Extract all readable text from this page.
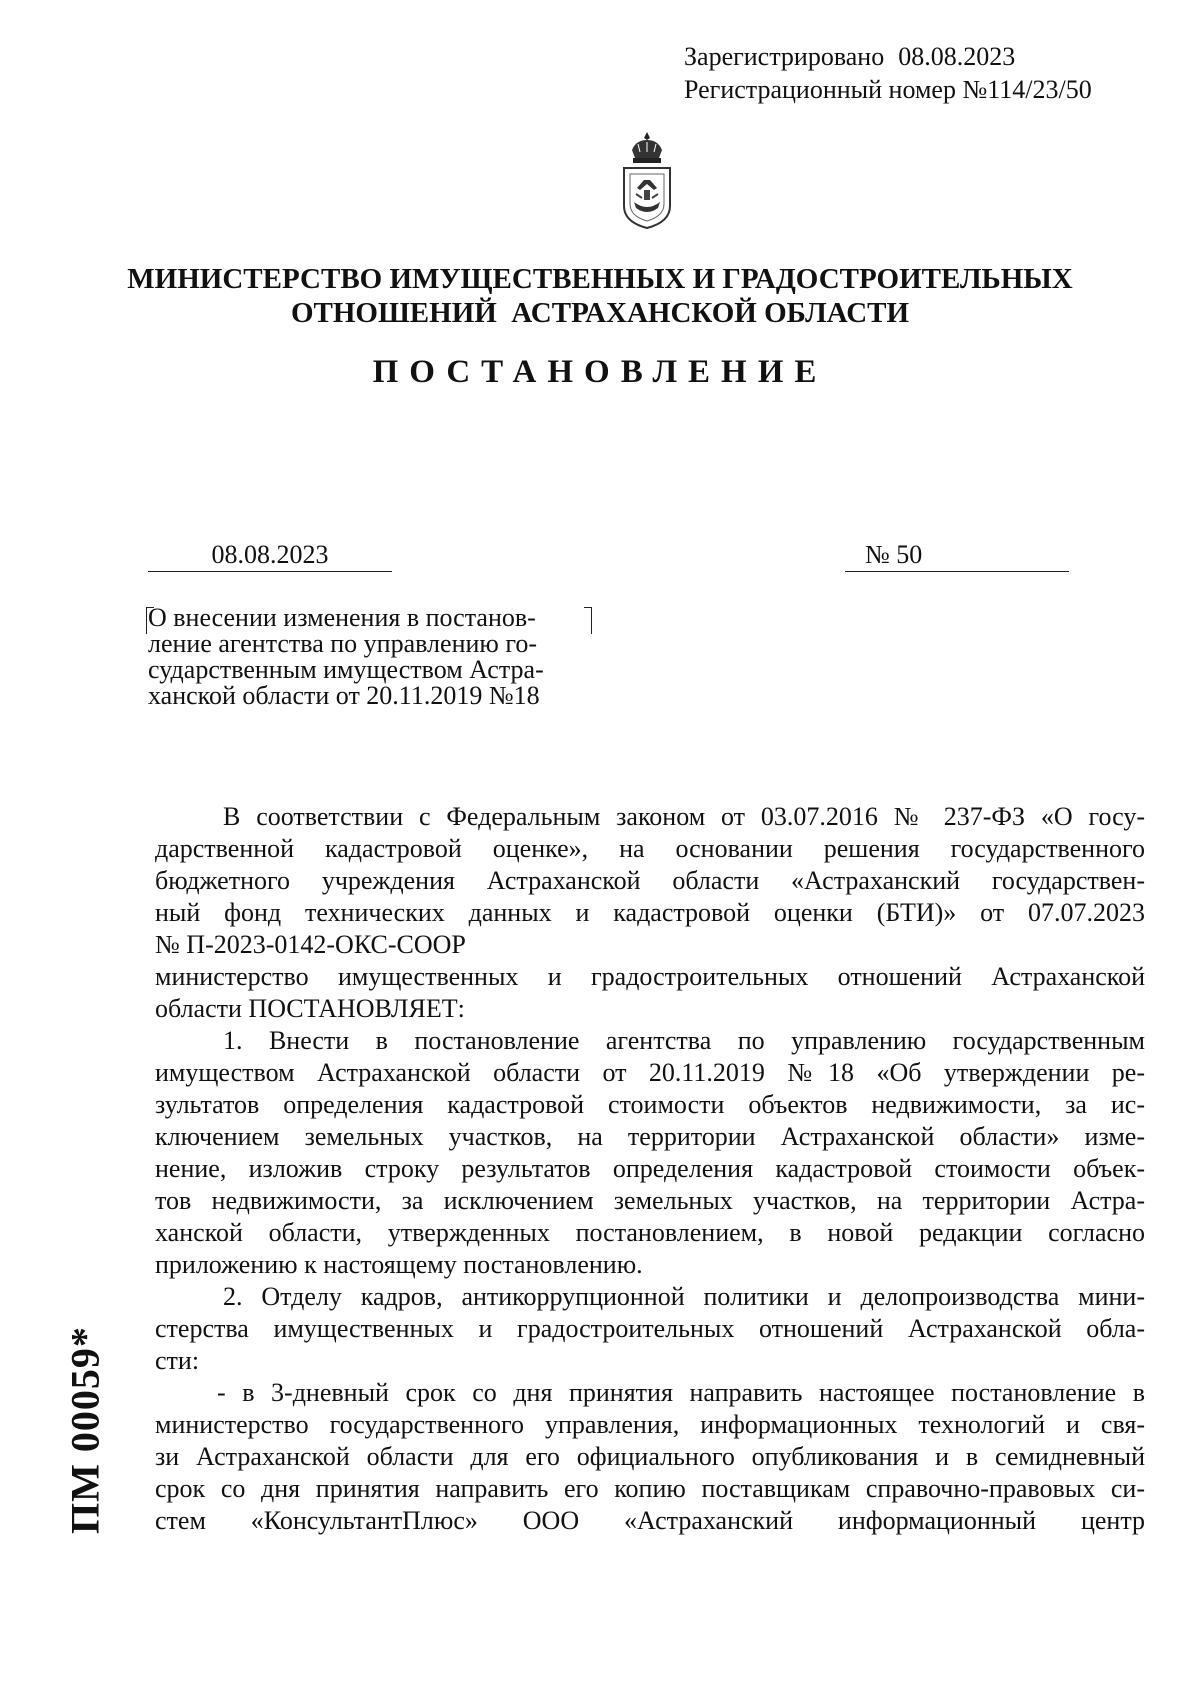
Зарегистрировано 08.08.2023
Регистрационный номер №114/23/50
МИНИСТЕРСТВО ИМУЩЕСТВЕННЫХ И ГРАДОСТРОИТЕЛЬНЫХ
ОТНОШЕНИЙ  АСТРАХАНСКОЙ ОБЛАСТИ
ПОСТАНОВЛЕНИЕ
08.08.2023	№ 50
О внесении изменения в постанов-
ление агентства по управлению го-
сударственным имуществом Астра-
ханской области от 20.11.2019 №18

В соответствии с Федеральным законом от 03.07.2016 № 237-ФЗ «О госу-

дарственной кадастровой оценке», на основании решения государственного

бюджетного учреждения Астраханской области «Астраханский государствен-

ный фонд технических данных и кадастровой оценки (БТИ)» от 07.07.2023

№ П-2023-0142-ОКС-СООР

министерство имущественных и градостроительных отношений Астраханской

области ПОСТАНОВЛЯЕТ:

1. Внести в постановление агентства по управлению государственным

имуществом Астраханской области от 20.11.2019 №18 «Об утверждении ре-

зультатов определения кадастровой стоимости объектов недвижимости, за ис-

ключением земельных участков, на территории Астраханской области» изме-

нение, изложив строку результатов определения кадастровой стоимости объек-

тов недвижимости, за исключением земельных участков, на территории Астра-

ханской области, утвержденных постановлением, в новой редакции согласно

приложению к настоящему постановлению.

2. Отделу кадров, антикоррупционной политики и делопроизводства мини-

стерства имущественных и градостроительных отношений Астраханской обла-

сти:

- в 3-дневный срок со дня принятия направить настоящее постановление в

министерство государственного управления, информационных технологий и свя-

зи Астраханской области для его официального опубликования и в семидневный

срок со дня принятия направить его копию поставщикам справочно-правовых си-

стем «КонсультантПлюс» ООО «Астраханский информационный центр

ПМ 00059*
